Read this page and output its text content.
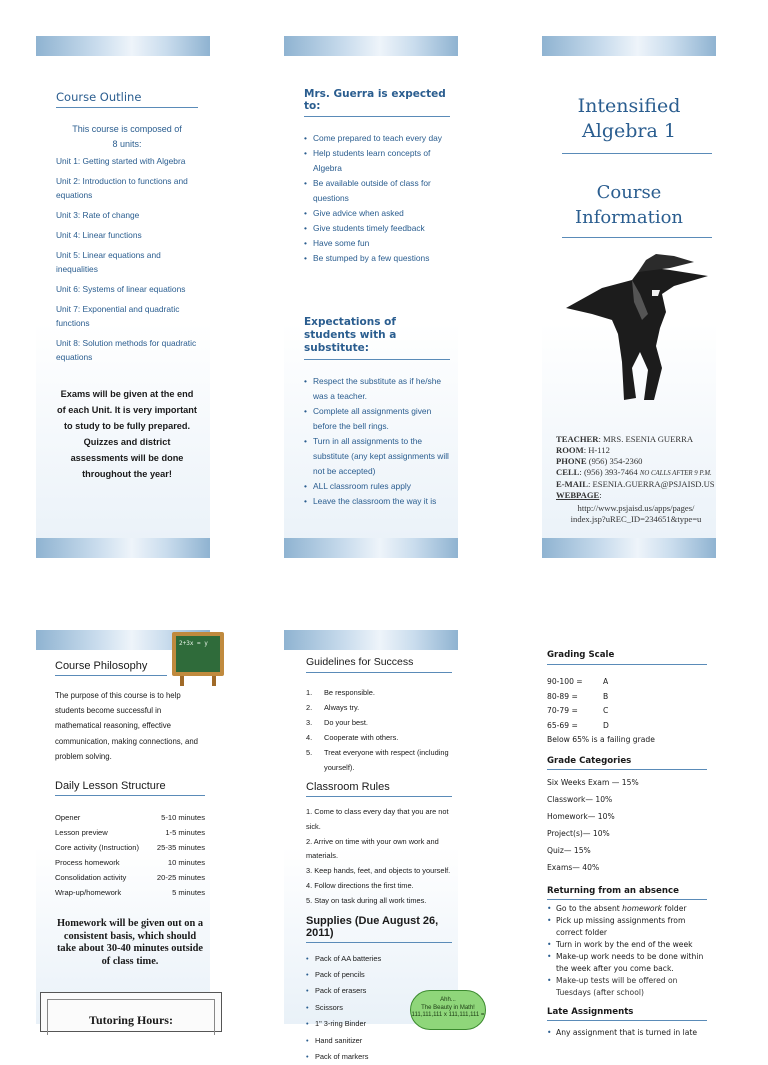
Course Outline
This course is composed of 8 units:
Unit 1: Getting started with Algebra
Unit 2: Introduction to functions and equations
Unit 3: Rate of change
Unit 4: Linear functions
Unit 5: Linear equations and inequalities
Unit 6: Systems of linear equations
Unit 7: Exponential and quadratic functions
Unit 8: Solution methods for quadratic equations
Exams will be given at the end of each Unit. It is very important to study to be fully prepared.
Quizzes and district assessments will be done throughout the year!
Mrs. Guerra is expected to:
• Come prepared to teach every day
• Help students learn concepts of Algebra
• Be available outside of class for questions
• Give advice when asked
• Give students timely feedback
• Have some fun
• Be stumped by a few questions
Expectations of students with a substitute:
• Respect the substitute as if he/she was a teacher.
• Complete all assignments given before the bell rings.
• Turn in all assignments to the substitute (any kept assignments will not be accepted)
• ALL classroom rules apply
• Leave the classroom the way it is
Intensified
Algebra 1
Course
Information
TEACHER: MRS. ESENIA GUERRA
ROOM: H-112
PHONE (956) 354-2360
CELL: (956) 393-7464 NO CALLS AFTER 9 P.M.
E-MAIL: ESENIA.GUERRA@PSJAISD.US
WEBPAGE:
http://www.psjaisd.us/apps/pages/
index.jsp?uREC_ID=234651&type=u
2+3x = y
Course Philosophy
The purpose of this course is to help students become successful in mathematical reasoning, effective communication, making connections, and problem solving.
Daily Lesson Structure
Opener	5-10 minutes
Lesson preview	1-5 minutes
Core activity (Instruction) 25-35 minutes
Process homework	10 minutes
Consolidation activity	20-25 minutes
Wrap-up/homework	5 minutes
Homework will be given out on a consistent basis, which should take about 30-40 minutes outside of class time.
Tutoring Hours:
Guidelines for Success
1. Be responsible.
2. Always try.
3. Do your best.
4. Cooperate with others.
5. Treat everyone with respect (including yourself).
Classroom Rules
1. Come to class every day that you are not sick.
2. Arrive on time with your own work and materials.
3. Keep hands, feet, and objects to yourself.
4. Follow directions the first time.
5. Stay on task during all work times.
Supplies (Due August 26, 2011)
• Pack of AA batteries
• Pack of pencils
• Pack of erasers
• Scissors
• 1" 3-ring Binder
• Hand sanitizer
• Pack of markers
Ahh...
The Beauty in Math!
111,111,111 x 111,111,111 =
Grading Scale
90-100 =	A
80-89 =	B
70-79 =	C
65-69 =	D
Below 65% is a failing grade
Grade Categories
Six Weeks Exam — 15%
Classwork— 10%
Homework— 10%
Project(s)— 10%
Quiz— 15%
Exams— 40%
Returning from an absence
• Go to the absent homework folder
• Pick up missing assignments from correct folder
• Turn in work by the end of the week
• Make-up work needs to be done within the week after you come back.
• Make-up tests will be offered on Tuesdays (after school)
Late Assignments
• Any assignment that is turned in late
